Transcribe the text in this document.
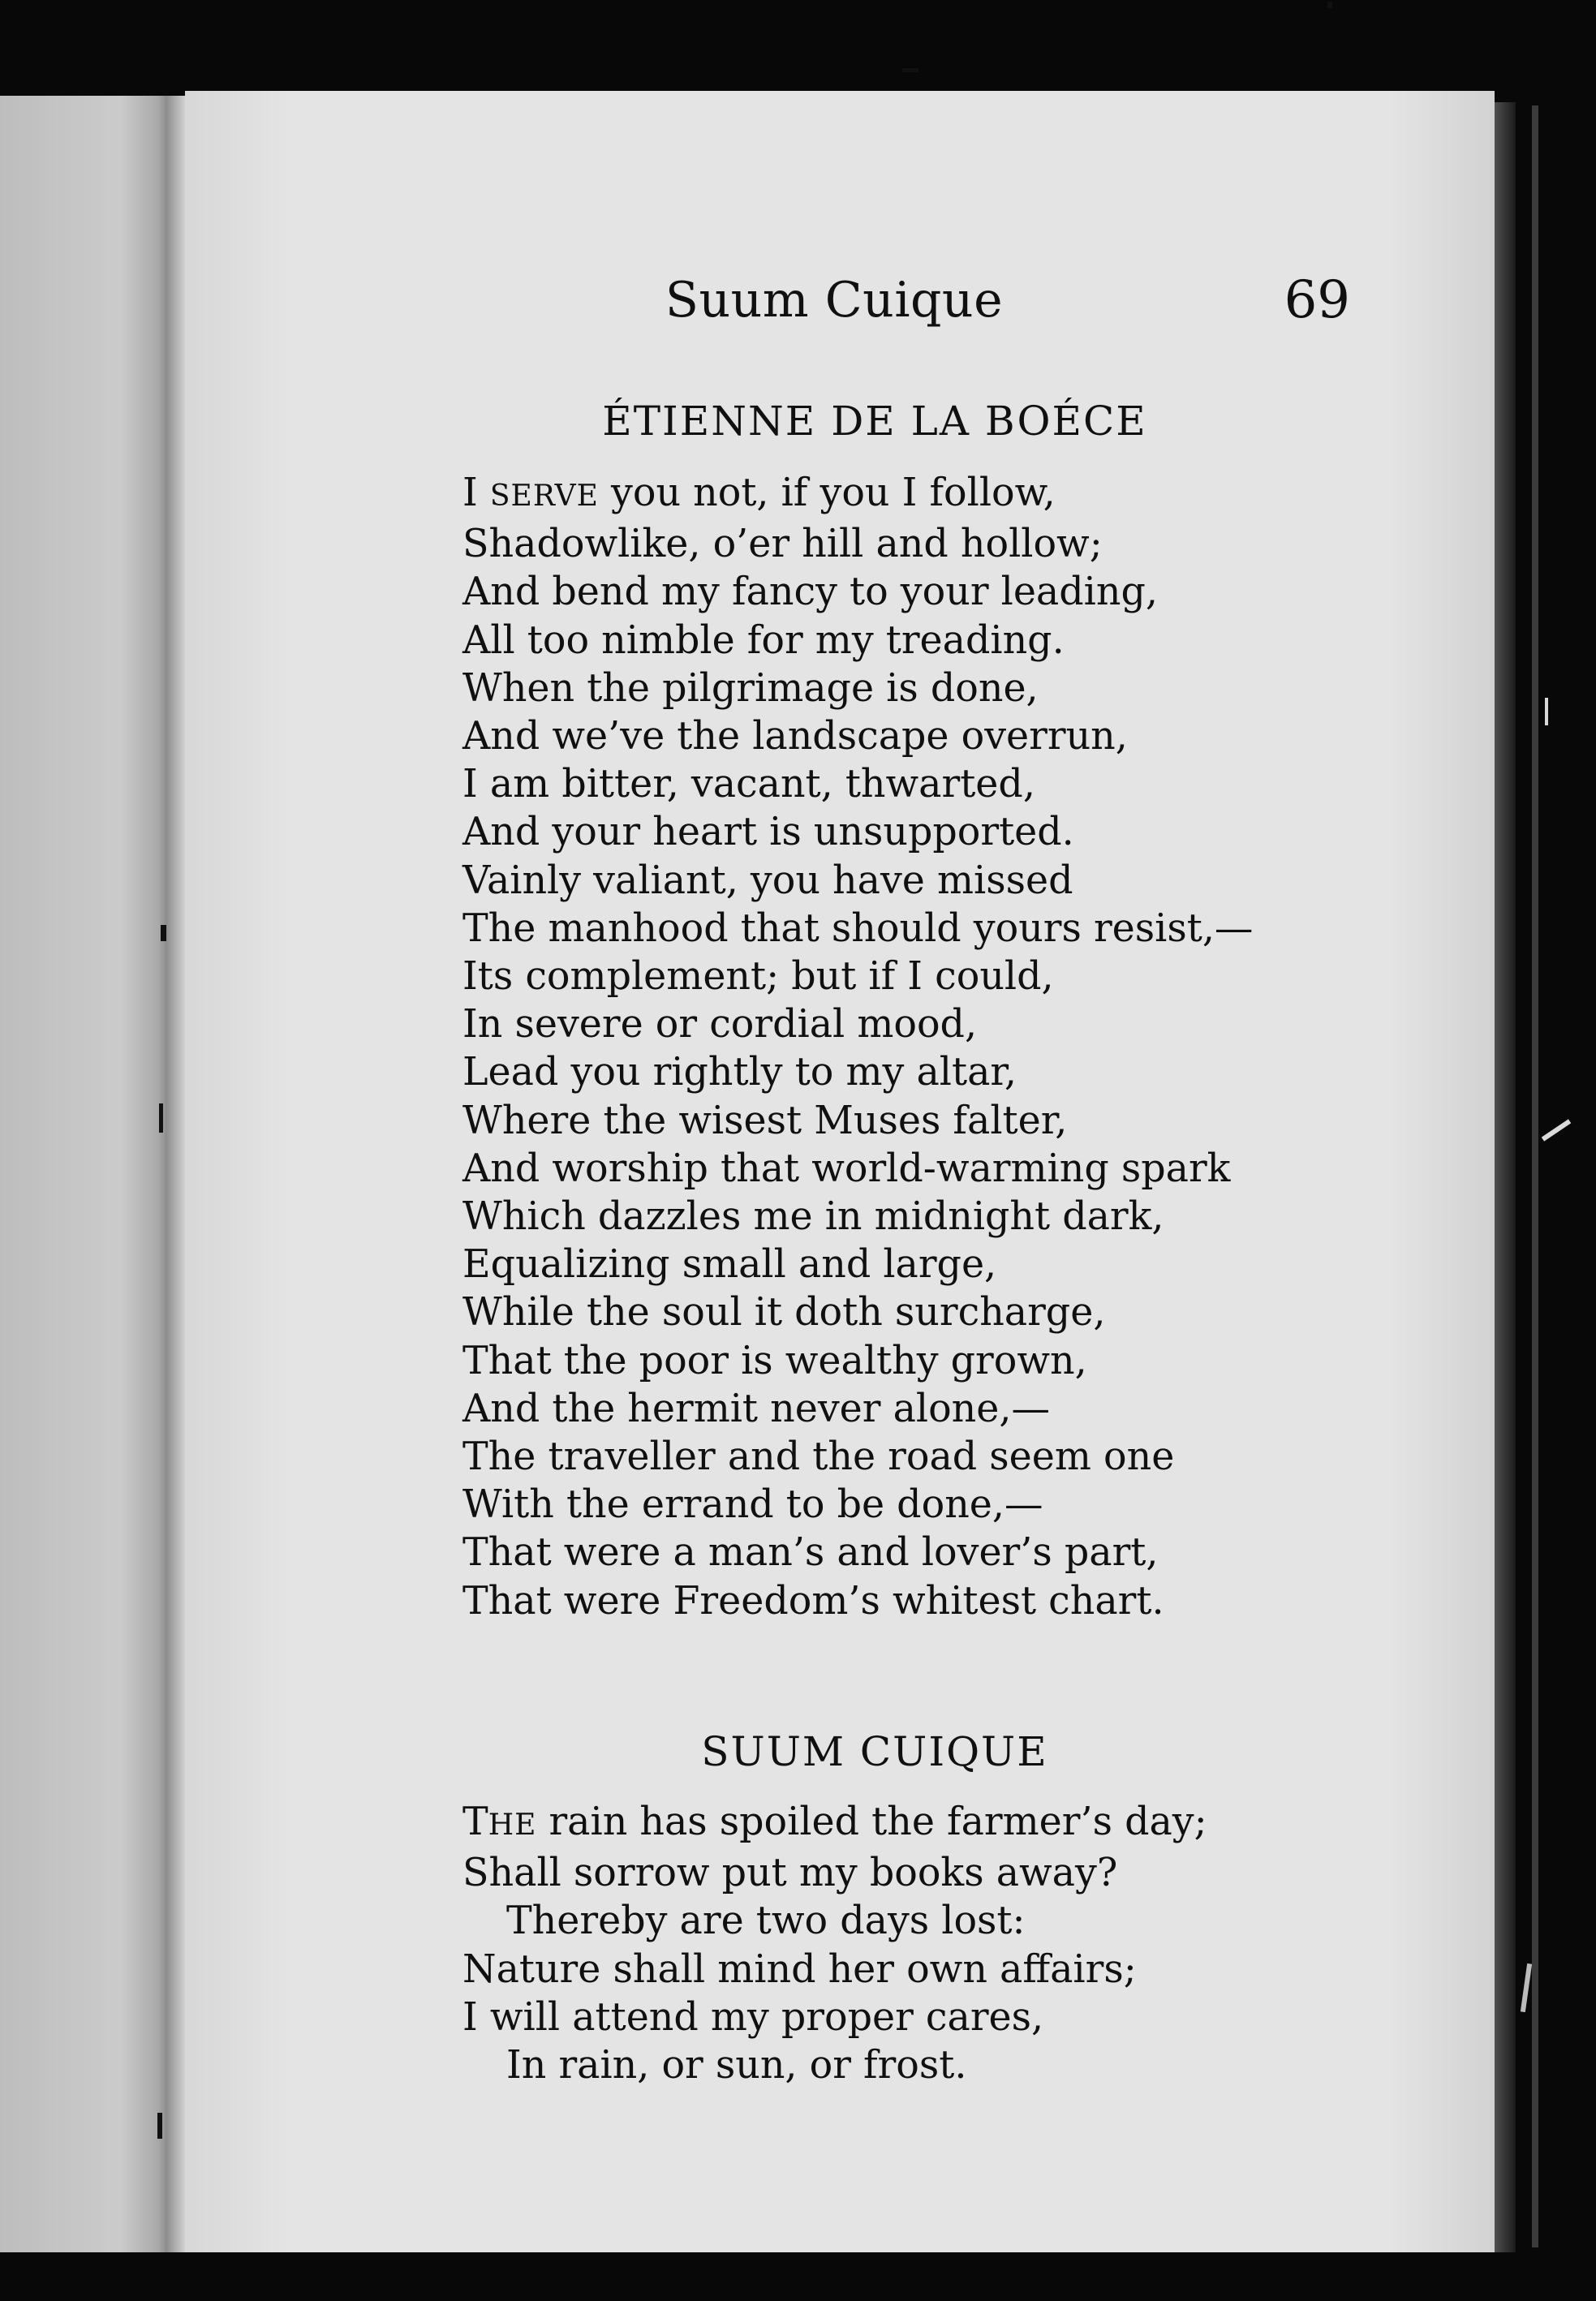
Suum Cuique	69
ÉTIENNE DE LA BOÉCE
I SERVE you not, if you I follow,
Shadowlike, o’er hill and hollow;
And bend my fancy to your leading,
All too nimble for my treading.
When the pilgrimage is done,
And we’ve the landscape overrun,
I am bitter, vacant, thwarted,
And your heart is unsupported.
Vainly valiant, you have missed
The manhood that should yours resist,—
Its complement; but if I could,
In severe or cordial mood,
Lead you rightly to my altar,
Where the wisest Muses falter,
And worship that world-warming spark
Which dazzles me in midnight dark,
Equalizing small and large,
While the soul it doth surcharge,
That the poor is wealthy grown,
And the hermit never alone,—
The traveller and the road seem one
With the errand to be done,—
That were a man’s and lover’s part,
That were Freedom’s whitest chart.
SUUM CUIQUE
THE rain has spoiled the farmer’s day;
Shall sorrow put my books away?
Thereby are two days lost:
Nature shall mind her own affairs;
I will attend my proper cares,
In rain, or sun, or frost.
